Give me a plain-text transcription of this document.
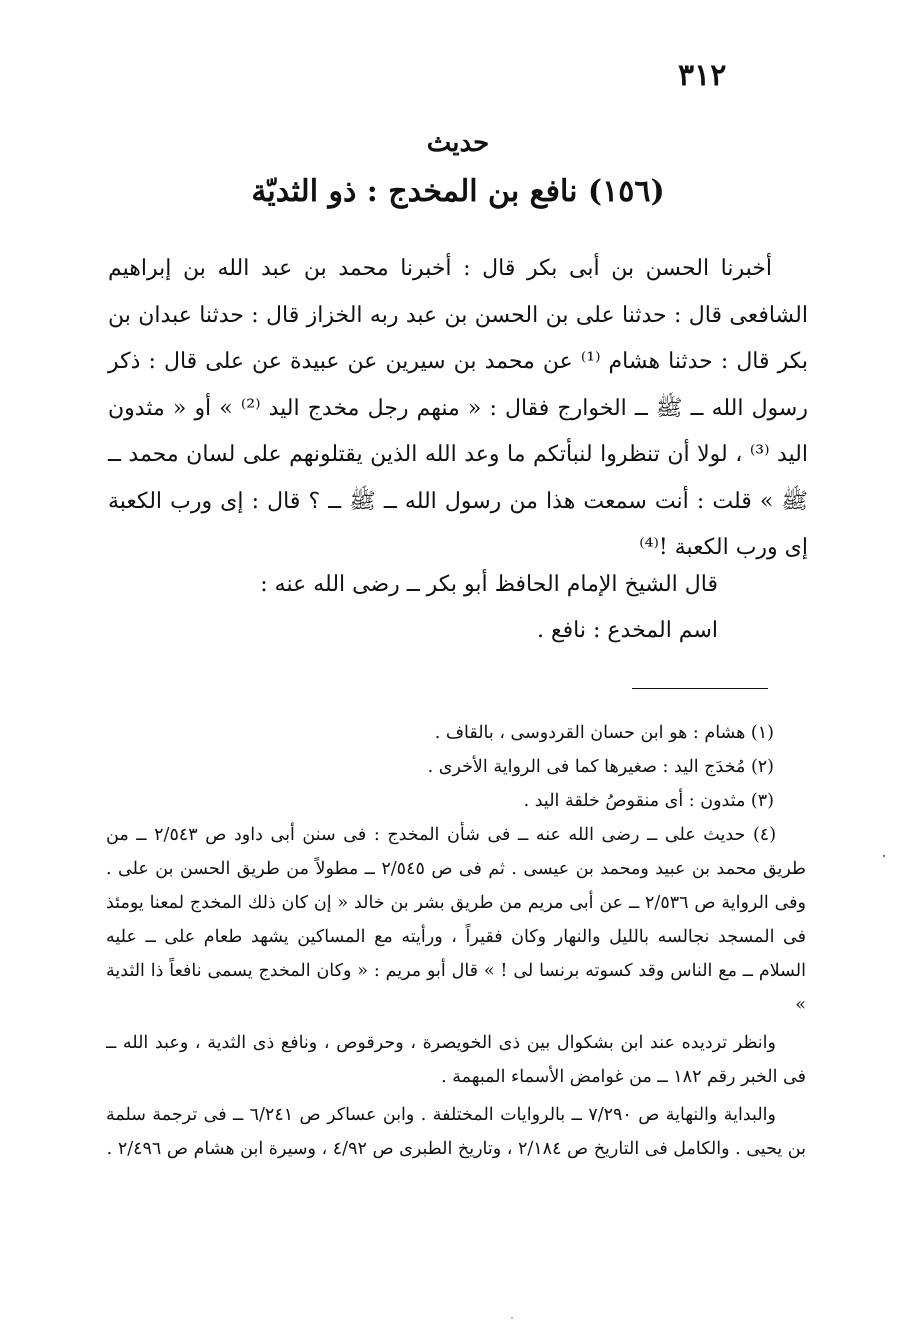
٣١٢
حديث
(١٥٦) نافع بن المخدج : ذو الثديّة

أخبرنا الحسن بن أبى بكر قال : أخبرنا محمد بن عبد الله بن إبراهيم الشافعى قال : حدثنا على بن الحسن بن عبد ربه الخزاز قال : حدثنا عبدان بن بكر قال : حدثنا هشام ⁽¹⁾ عن محمد بن سيرين عن عبيدة عن على قال : ذكر رسول الله ــ ﷺ ــ الخوارج فقال : « منهم رجل مخدج اليد ⁽²⁾ » أو « مثدون اليد ⁽³⁾ ، لولا أن تنظروا لنبأتكم ما وعد الله الذين يقتلونهم على لسان محمد ــ ﷺ » قلت : أنت سمعت هذا من رسول الله ــ ﷺ ــ ؟ قال : إى ورب الكعبة إى ورب الكعبة !⁽⁴⁾

قال الشيخ الإمام الحافظ أبو بكر ــ رضى الله عنه :

اسم المخدع : نافع .

(١) هشام : هو ابن حسان القردوسى ، بالقاف .

(٢) مُخدَج اليد : صغيرها كما فى الرواية الأخرى .

(٣) مثدون : أى منقوصُ خلقة اليد .

(٤) حديث على ــ رضى الله عنه ــ فى شأن المخدج : فى سنن أبى داود ص ٢/٥٤٣ ــ من طريق محمد بن عبيد ومحمد بن عيسى . ثم فى ص ٢/٥٤٥ ــ مطولاً من طريق الحسن بن على . وفى الرواية ص ٢/٥٣٦ ــ عن أبى مريم من طريق بشر بن خالد « إن كان ذلك المخدج لمعنا يومئذ فى المسجد نجالسه بالليل والنهار وكان فقيراً ، ورأيته مع المساكين يشهد طعام على ــ عليه السلام ــ مع الناس وقد كسوته برنسا لى ! » قال أبو مريم : « وكان المخدج يسمى نافعاً ذا الثدية »

وانظر ترديده عند ابن بشكوال بين ذى الخويصرة ، وحرقوص ، ونافع ذى الثدية ، وعبد الله ــ فى الخبر رقم ١٨٢ ــ من غوامض الأسماء المبهمة .

والبداية والنهاية ص ٧/٢٩٠ ــ بالروايات المختلفة . وابن عساكر ص ٦/٢٤١ ــ فى ترجمة سلمة بن يحيى . والكامل فى التاريخ ص ٢/١٨٤ ، وتاريخ الطبرى ص ٤/٩٢ ، وسيرة ابن هشام ص ٢/٤٩٦ .
